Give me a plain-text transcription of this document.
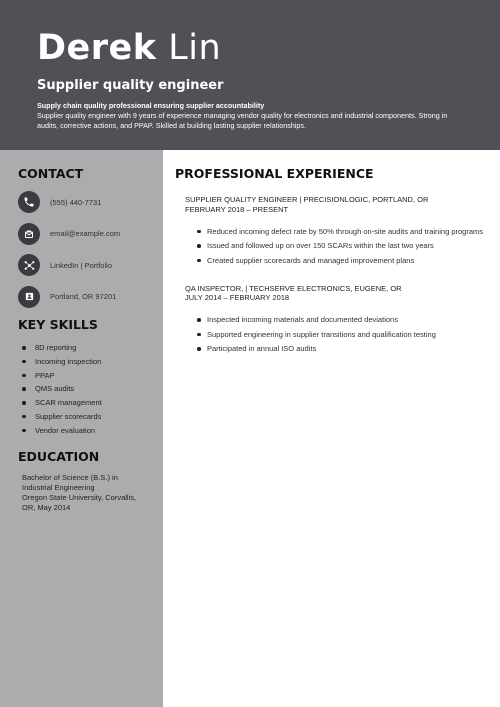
Derek Lin
Supplier quality engineer
Supply chain quality professional ensuring supplier accountability
Supplier quality engineer with 9 years of experience managing vendor quality for electronics and industrial components. Strong in audits, corrective actions, and PPAP. Skilled at building lasting supplier relationships.
CONTACT
(555) 440-7731
email@example.com
LinkedIn | Portfolio
Portland, OR 97201
KEY SKILLS
8D reporting
Incoming inspection
PPAP
QMS audits
SCAR management
Supplier scorecards
Vendor evaluation
EDUCATION
Bachelor of Science (B.S.) in Industrial Engineering
Oregon State University, Corvallis, OR, May 2014
PROFESSIONAL EXPERIENCE
SUPPLIER QUALITY ENGINEER | PRECISIONLOGIC, PORTLAND, OR
FEBRUARY 2018 – PRESENT
Reduced incoming defect rate by 50% through on-site audits and training programs
Issued and followed up on over 150 SCARs within the last two years
Created supplier scorecards and managed improvement plans
QA INSPECTOR, | TECHSERVE ELECTRONICS, EUGENE, OR
JULY 2014 – FEBRUARY 2018
Inspected incoming materials and documented deviations
Supported engineering in supplier transitions and qualification testing
Participated in annual ISO audits
